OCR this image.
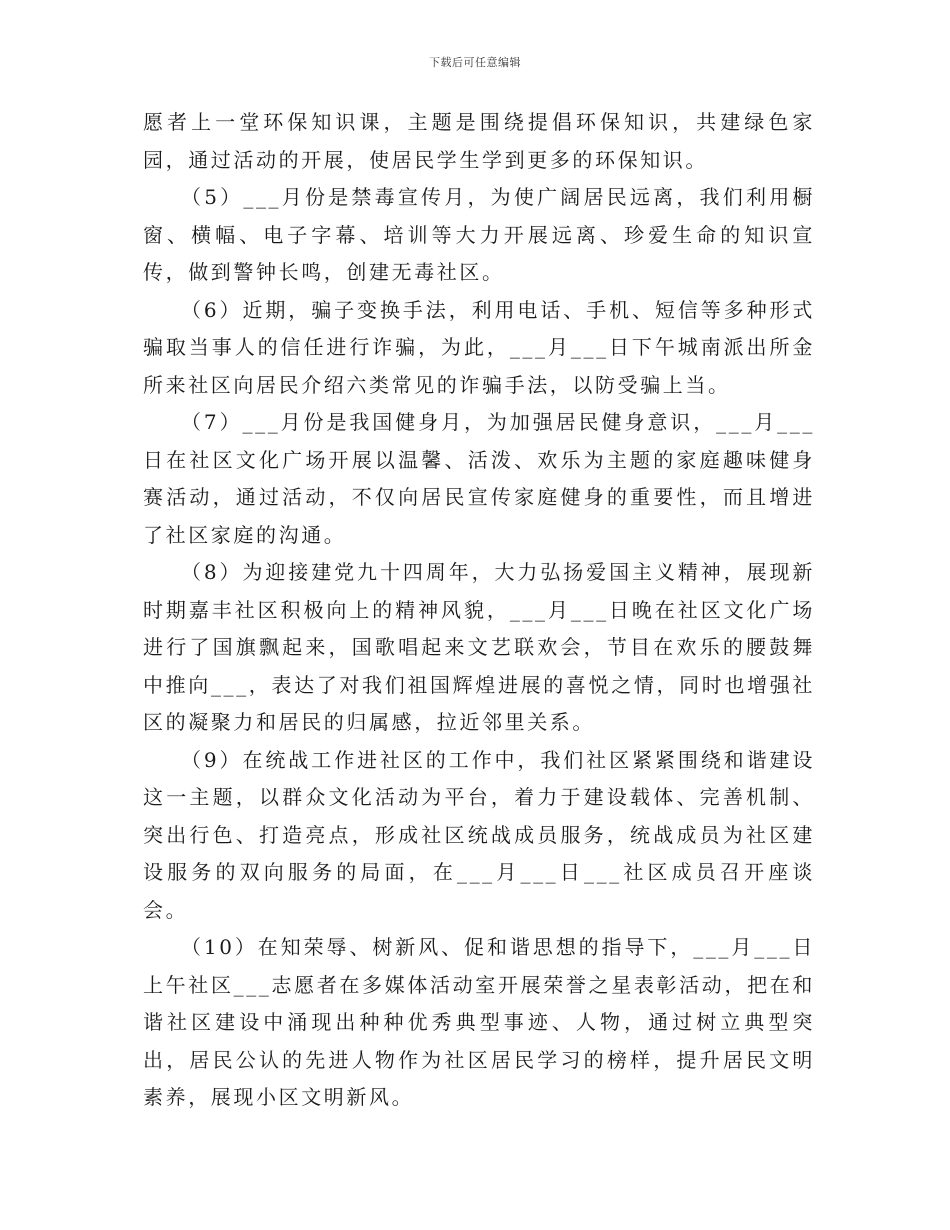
下载后可任意编辑

愿者上一堂环保知识课，主题是围绕提倡环保知识，共建绿色家园，通过活动的开展，使居民学生学到更多的环保知识。

（5）___月份是禁毒宣传月，为使广阔居民远离，我们利用橱窗、横幅、电子字幕、培训等大力开展远离、珍爱生命的知识宣传，做到警钟长鸣，创建无毒社区。

（6）近期，骗子变换手法，利用电话、手机、短信等多种形式骗取当事人的信任进行诈骗，为此，___月___日下午城南派出所金所来社区向居民介绍六类常见的诈骗手法，以防受骗上当。

（7）___月份是我国健身月，为加强居民健身意识，___月___日在社区文化广场开展以温馨、活泼、欢乐为主题的家庭趣味健身赛活动，通过活动，不仅向居民宣传家庭健身的重要性，而且增进了社区家庭的沟通。

（8）为迎接建党九十四周年，大力弘扬爱国主义精神，展现新时期嘉丰社区积极向上的精神风貌，___月___日晚在社区文化广场进行了国旗飘起来，国歌唱起来文艺联欢会，节目在欢乐的腰鼓舞中推向___，表达了对我们祖国辉煌进展的喜悦之情，同时也增强社区的凝聚力和居民的归属感，拉近邻里关系。

（9）在统战工作进社区的工作中，我们社区紧紧围绕和谐建设这一主题，以群众文化活动为平台，着力于建设载体、完善机制、突出行色、打造亮点，形成社区统战成员服务，统战成员为社区建设服务的双向服务的局面，在___月___日___社区成员召开座谈会。

（10）在知荣辱、树新风、促和谐思想的指导下，___月___日上午社区___志愿者在多媒体活动室开展荣誉之星表彰活动，把在和谐社区建设中涌现出种种优秀典型事迹、人物，通过树立典型突出，居民公认的先进人物作为社区居民学习的榜样，提升居民文明素养，展现小区文明新风。
